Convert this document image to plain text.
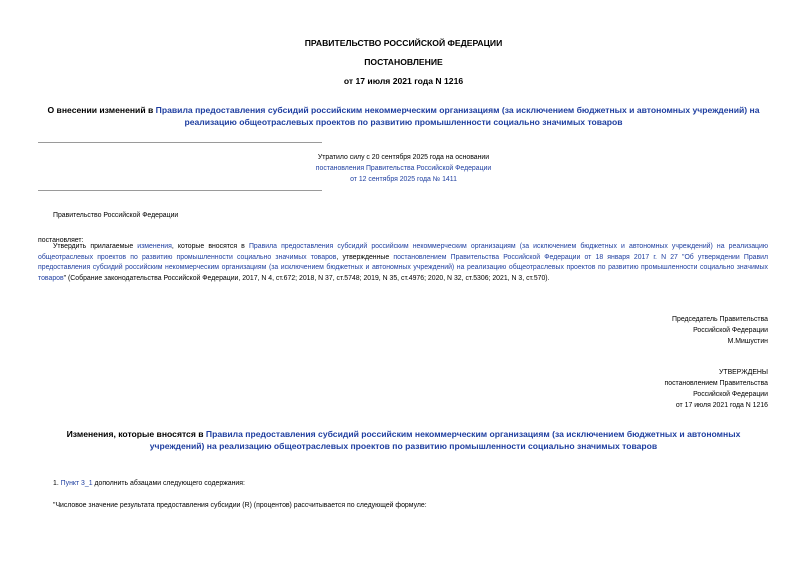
ПРАВИТЕЛЬСТВО РОССИЙСКОЙ ФЕДЕРАЦИИ
ПОСТАНОВЛЕНИЕ
от 17 июля 2021 года N 1216
О внесении изменений в Правила предоставления субсидий российским некоммерческим организациям (за исключением бюджетных и автономных учреждений) на реализацию общеотраслевых проектов по развитию промышленности социально значимых товаров
Утратило силу с 20 сентября 2025 года на основании
постановления Правительства Российской Федерации
от 12 сентября 2025 года № 1411
Правительство Российской Федерации
постановляет:
Утвердить прилагаемые изменения, которые вносятся в Правила предоставления субсидий российским некоммерческим организациям (за исключением бюджетных и автономных учреждений) на реализацию общеотраслевых проектов по развитию промышленности социально значимых товаров, утвержденные постановлением Правительства Российской Федерации от 18 января 2017 г. N 27 "Об утверждении Правил предоставления субсидий российским некоммерческим организациям (за исключением бюджетных и автономных учреждений) на реализацию общеотраслевых проектов по развитию промышленности социально значимых товаров" (Собрание законодательства Российской Федерации, 2017, N 4, ст.672; 2018, N 37, ст.5748; 2019, N 35, ст.4976; 2020, N 32, ст.5306; 2021, N 3, ст.570).
Председатель Правительства
Российской Федерации
М.Мишустин
УТВЕРЖДЕНЫ
постановлением Правительства
Российской Федерации
от 17 июля 2021 года N 1216
Изменения, которые вносятся в Правила предоставления субсидий российским некоммерческим организациям (за исключением бюджетных и автономных учреждений) на реализацию общеотраслевых проектов по развитию промышленности социально значимых товаров
1. Пункт 3_1 дополнить абзацами следующего содержания:
"Числовое значение результата предоставления субсидии (R) (процентов) рассчитывается по следующей формуле:
